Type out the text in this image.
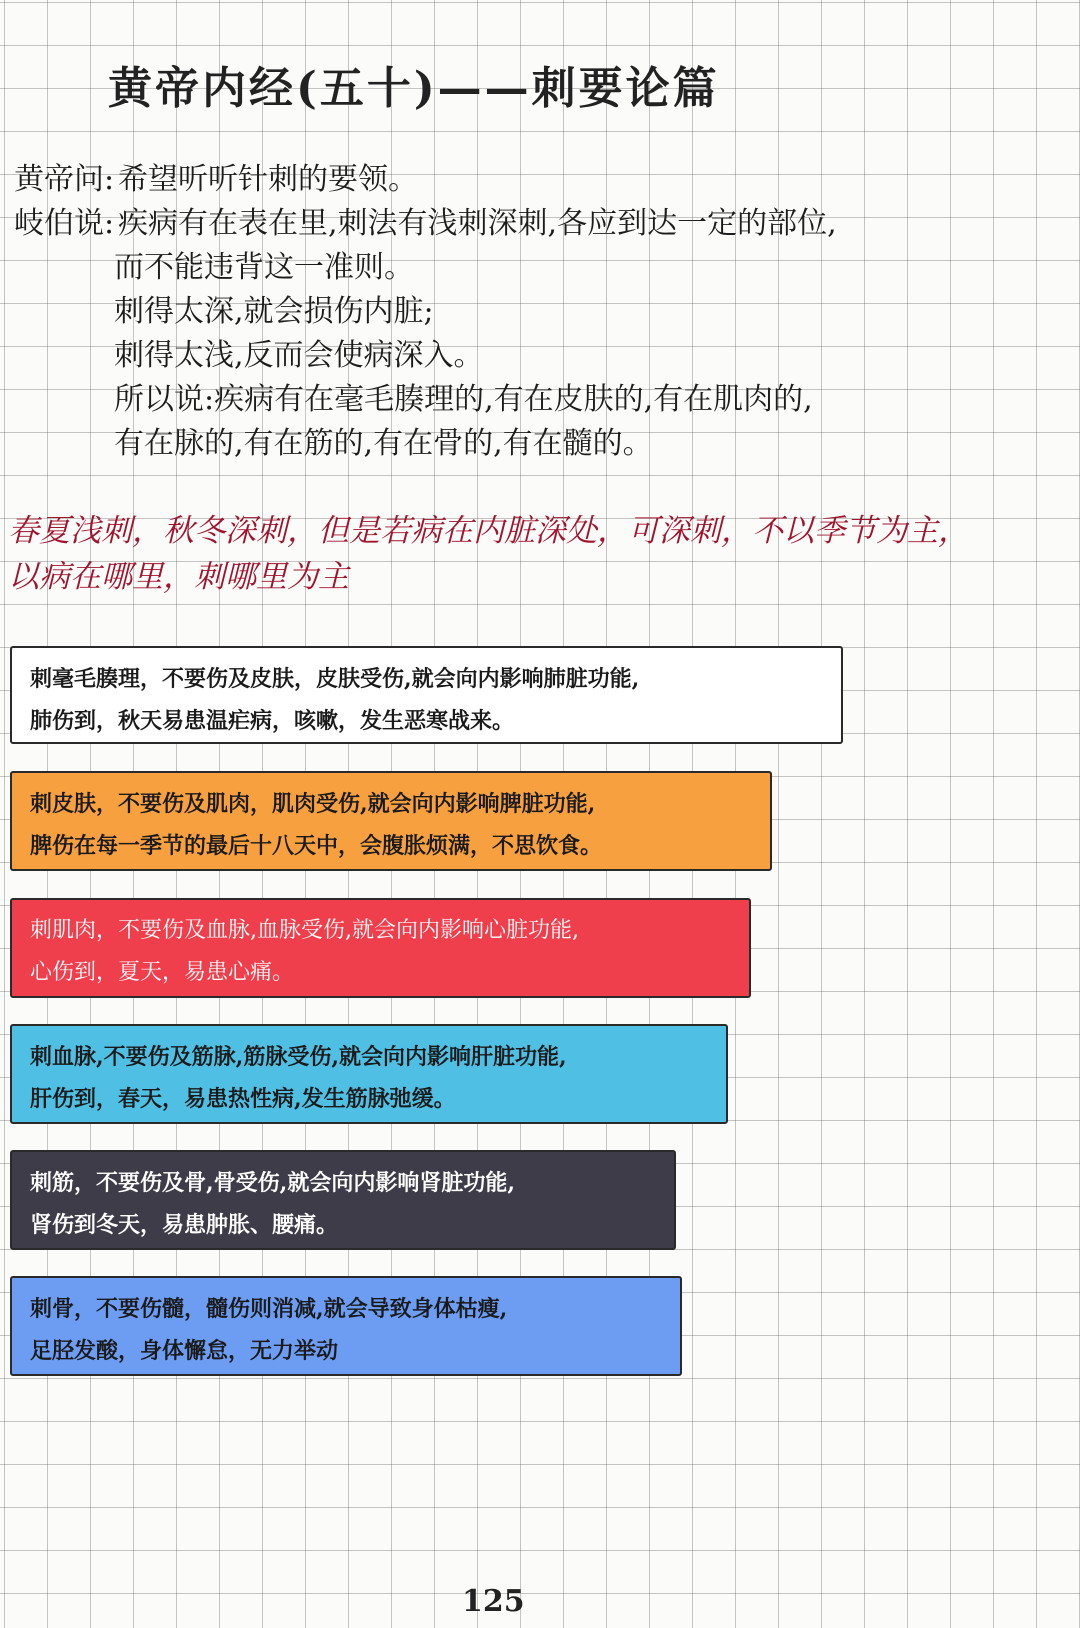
黄帝内经(五十)——刺要论篇
黄帝问: 希望听听针刺的要领。
岐伯说: 疾病有在表在里,刺法有浅刺深刺,各应到达一定的部位,
而不能违背这一准则。
刺得太深,就会损伤内脏;
刺得太浅,反而会使病深入。
所以说:疾病有在毫毛腠理的,有在皮肤的,有在肌肉的,
有在脉的,有在筋的,有在骨的,有在髓的。
春夏浅刺，秋冬深刺，但是若病在内脏深处，可深刺，不以季节为主，
以病在哪里，刺哪里为主
刺毫毛腠理，不要伤及皮肤，皮肤受伤,就会向内影响肺脏功能,
肺伤到，秋天易患温疟病，咳嗽，发生恶寒战来。
刺皮肤，不要伤及肌肉，肌肉受伤,就会向内影响脾脏功能,
脾伤在每一季节的最后十八天中，会腹胀烦满，不思饮食。
刺肌肉，不要伤及血脉,血脉受伤,就会向内影响心脏功能,
心伤到，夏天，易患心痛。
刺血脉,不要伤及筋脉,筋脉受伤,就会向内影响肝脏功能,
肝伤到，春天，易患热性病,发生筋脉弛缓。
刺筋，不要伤及骨,骨受伤,就会向内影响肾脏功能,
肾伤到冬天，易患肿胀、腰痛。
刺骨，不要伤髓，髓伤则消减,就会导致身体枯瘦,
足胫发酸，身体懈怠，无力举动
125
